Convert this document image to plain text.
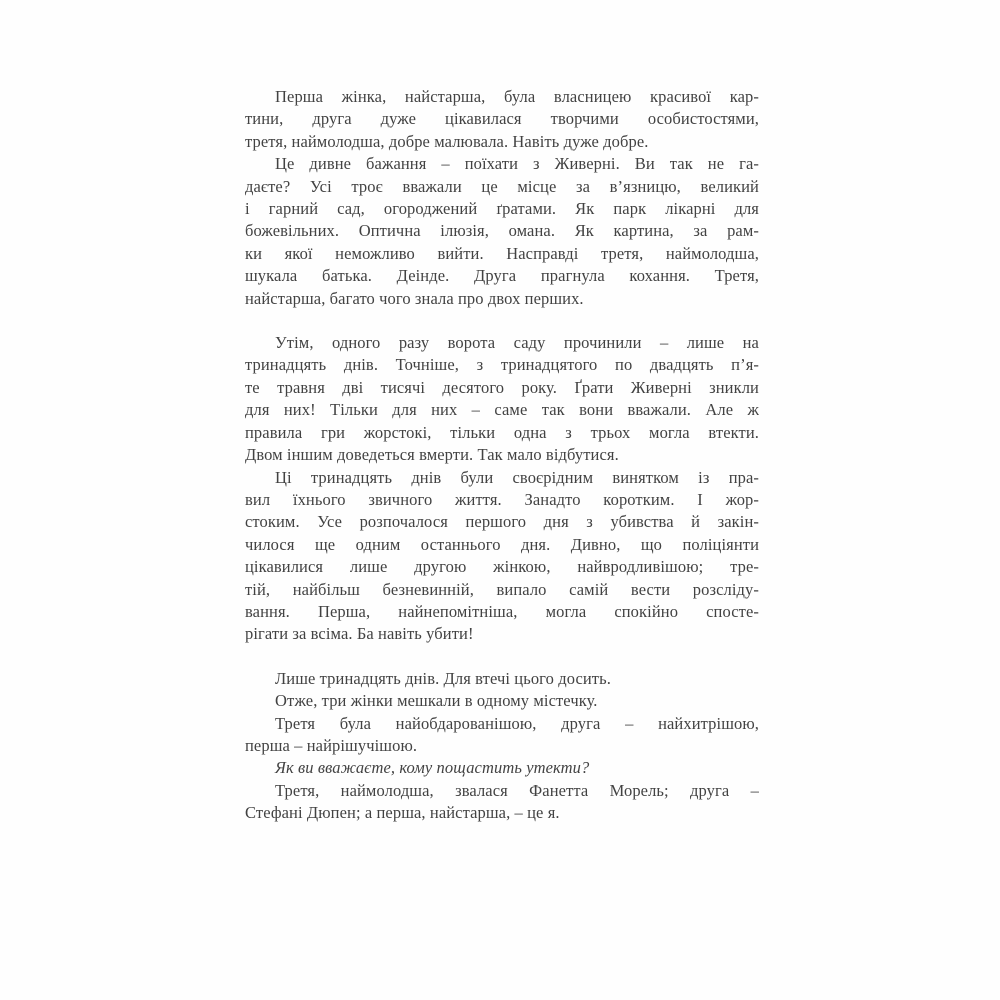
Перша жінка, найстарша, була власницею красивої кар-
тини, друга дуже цікавилася творчими особистостями,
третя, наймолодша, добре малювала. Навіть дуже добре.
Це дивне бажання – поїхати з Живерні. Ви так не га-
даєте? Усі троє вважали це місце за в’язницю, великий
і гарний сад, огороджений ґратами. Як парк лікарні для
божевільних. Оптична ілюзія, омана. Як картина, за рам-
ки якої неможливо вийти. Насправді третя, наймолодша,
шукала батька. Деінде. Друга прагнула кохання. Третя,
найстарша, багато чого знала про двох перших.
Утім, одного разу ворота саду прочинили – лише на
тринадцять днів. Точніше, з тринадцятого по двадцять п’я-
те травня дві тисячі десятого року. Ґрати Живерні зникли
для них! Тільки для них – саме так вони вважали. Але ж
правила гри жорстокі, тільки одна з трьох могла втекти.
Двом іншим доведеться вмерти. Так мало відбутися.
Ці тринадцять днів були своєрідним винятком із пра-
вил їхнього звичного життя. Занадто коротким. І жор-
стоким. Усе розпочалося першого дня з убивства й закін-
чилося ще одним останнього дня. Дивно, що поліціянти
цікавилися лише другою жінкою, найвродливішою; тре-
тій, найбільш безневинній, випало самій вести розсліду-
вання. Перша, найнепомітніша, могла спокійно спосте-
рігати за всіма. Ба навіть убити!
Лише тринадцять днів. Для втечі цього досить.
Отже, три жінки мешкали в одному містечку.
Третя була найобдарованішою, друга – найхитрішою,
перша – найрішучішою.
Як ви вважаєте, кому пощастить утекти?
Третя, наймолодша, звалася Фанетта Морель; друга –
Стефані Дюпен; а перша, найстарша, – це я.
